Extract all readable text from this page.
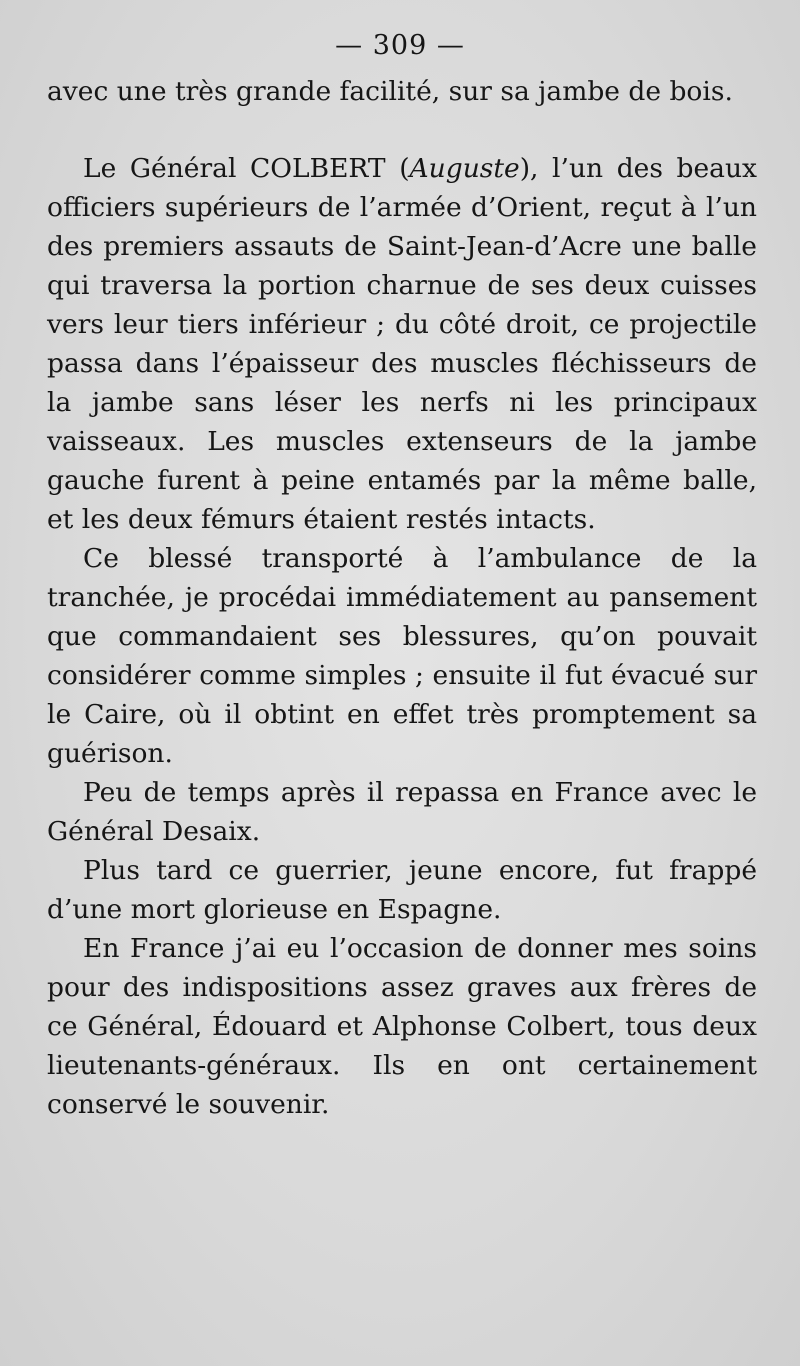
— 309 —

avec une très grande facilité, sur sa jambe de bois.

Le Général COLBERT (Auguste), l’un des beaux officiers supérieurs de l’armée d’Orient, reçut à l’un des premiers assauts de Saint-Jean-d’Acre une balle qui traversa la portion charnue de ses deux cuisses vers leur tiers inférieur ; du côté droit, ce projectile passa dans l’épaisseur des muscles fléchisseurs de la jambe sans léser les nerfs ni les principaux vaisseaux. Les muscles extenseurs de la jambe gauche furent à peine entamés par la même balle, et les deux fémurs étaient restés intacts.

Ce blessé transporté à l’ambulance de la tranchée, je procédai immédiatement au pansement que commandaient ses blessures, qu’on pouvait considérer comme simples ; ensuite il fut évacué sur le Caire, où il obtint en effet très promptement sa guérison.

Peu de temps après il repassa en France avec le Général Desaix.

Plus tard ce guerrier, jeune encore, fut frappé d’une mort glorieuse en Espagne.

En France j’ai eu l’occasion de donner mes soins pour des indispositions assez graves aux frères de ce Général, Édouard et Alphonse Colbert, tous deux lieutenants-généraux. Ils en ont certainement conservé le souvenir.
